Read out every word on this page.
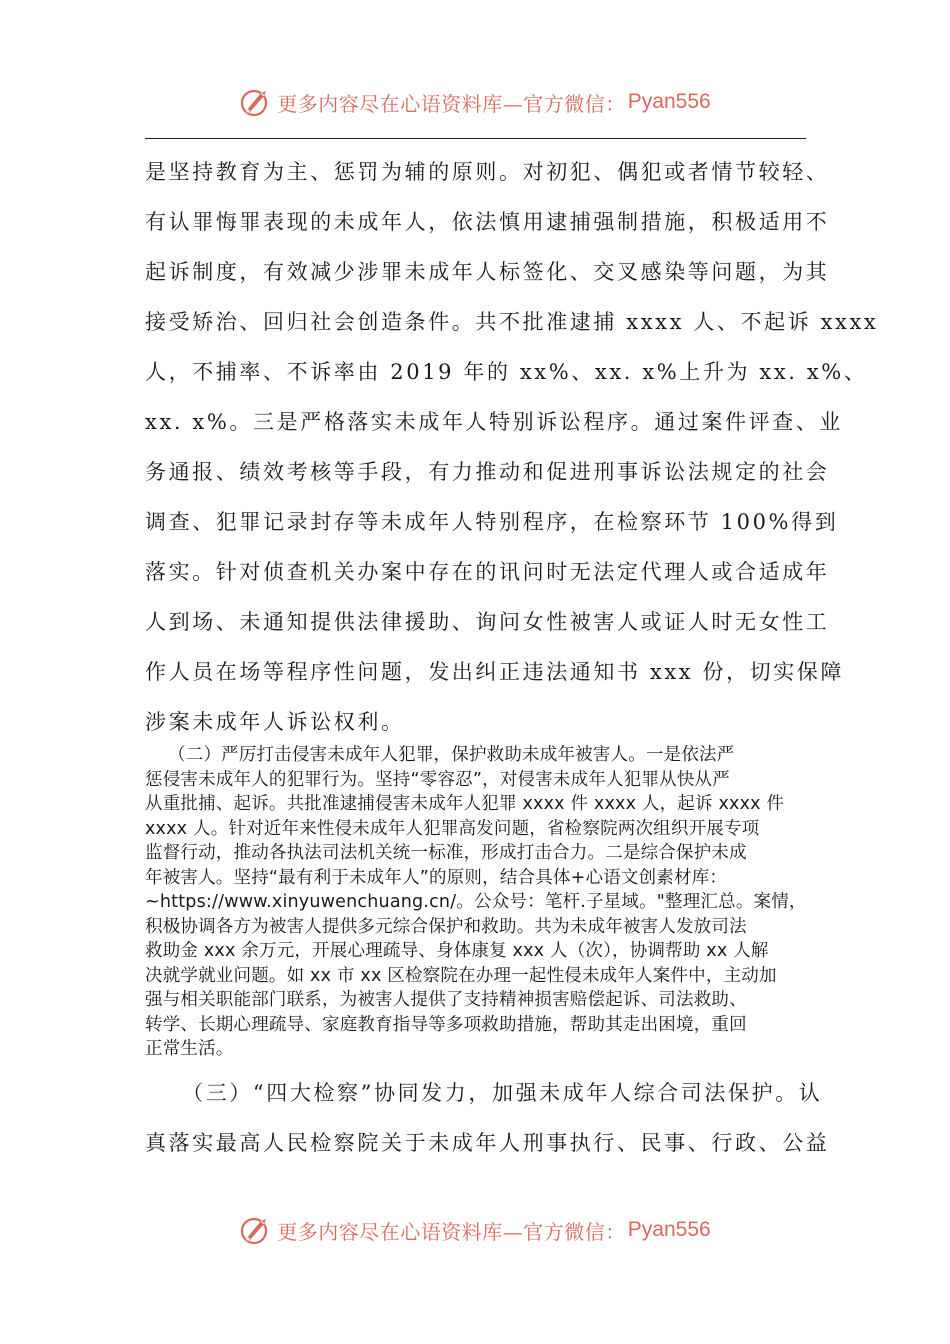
更多内容尽在心语资料库—官方微信： Pyan556
是坚持教育为主、惩罚为辅的原则。对初犯、偶犯或者情节较轻、
有认罪悔罪表现的未成年人，依法慎用逮捕强制措施，积极适用不
起诉制度，有效减少涉罪未成年人标签化、交叉感染等问题，为其
接受矫治、回归社会创造条件。共不批准逮捕 xxxx 人、不起诉 xxxx
人，不捕率、不诉率由 2019 年的 xx%、xx. x%上升为 xx. x%、
xx. x%。三是严格落实未成年人特别诉讼程序。通过案件评查、业
务通报、绩效考核等手段，有力推动和促进刑事诉讼法规定的社会
调查、犯罪记录封存等未成年人特别程序，在检察环节 100%得到
落实。针对侦查机关办案中存在的讯问时无法定代理人或合适成年
人到场、未通知提供法律援助、询问女性被害人或证人时无女性工
作人员在场等程序性问题，发出纠正违法通知书 xxx 份，切实保障
涉案未成年人诉讼权利。
（二）严厉打击侵害未成年人犯罪，保护救助未成年被害人。一是依法严
惩侵害未成年人的犯罪行为。坚持“零容忍”，对侵害未成年人犯罪从快从严
从重批捕、起诉。共批准逮捕侵害未成年人犯罪 xxxx 件 xxxx 人，起诉 xxxx 件
xxxx 人。针对近年来性侵未成年人犯罪高发问题，省检察院两次组织开展专项
监督行动，推动各执法司法机关统一标准，形成打击合力。二是综合保护未成
年被害人。坚持“最有利于未成年人”的原则，结合具体+心语文创素材库：
~https://www.xinyuwenchuang.cn/。公众号：笔杆.子星域。"整理汇总。案情，
积极协调各方为被害人提供多元综合保护和救助。共为未成年被害人发放司法
救助金 xxx 余万元，开展心理疏导、身体康复 xxx 人（次），协调帮助 xx 人解
决就学就业问题。如 xx 市 xx 区检察院在办理一起性侵未成年人案件中，主动加
强与相关职能部门联系，为被害人提供了支持精神损害赔偿起诉、司法救助、
转学、长期心理疏导、家庭教育指导等多项救助措施，帮助其走出困境，重回
正常生活。
（三）“四大检察”协同发力，加强未成年人综合司法保护。认
真落实最高人民检察院关于未成年人刑事执行、民事、行政、公益
更多内容尽在心语资料库—官方微信： Pyan556
